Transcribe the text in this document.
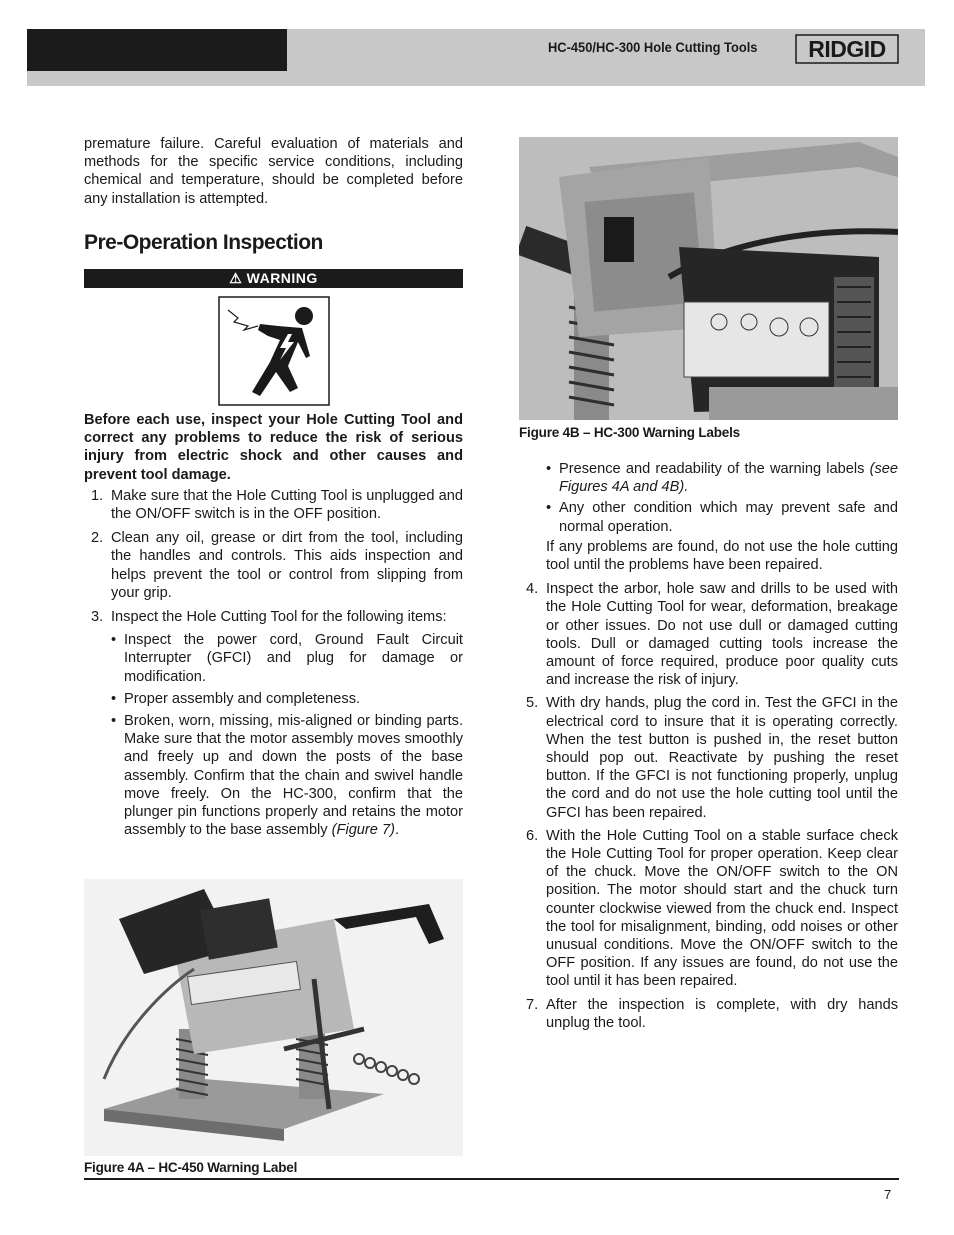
HC-450/HC-300 Hole Cutting Tools RIDGID

premature failure. Careful evaluation of materials and methods for the specific service conditions, including chemical and temperature, should be completed before any installation is attempted.

Pre-Operation Inspection
⚠ WARNING

Before each use, inspect your Hole Cutting Tool and correct any problems to reduce the risk of serious injury from electric shock and other causes and prevent tool damage.

1. Make sure that the Hole Cutting Tool is unplugged and the ON/OFF switch is in the OFF position.
2. Clean any oil, grease or dirt from the tool, including the handles and controls. This aids inspection and helps prevent the tool or control from slipping from your grip.
3. Inspect the Hole Cutting Tool for the following items:
• Inspect the power cord, Ground Fault Circuit Interrupter (GFCI) and plug for damage or modification.
• Proper assembly and completeness.
• Broken, worn, missing, mis-aligned or binding parts. Make sure that the motor assembly moves smoothly and freely up and down the posts of the base assembly. Confirm that the chain and swivel handle move freely. On the HC-300, confirm that the plunger pin functions properly and retains the motor assembly to the base assembly (Figure 7).
Figure 4A – HC-450 Warning Label
Figure 4B – HC-300 Warning Labels
• Presence and readability of the warning labels (see Figures 4A and 4B).
• Any other condition which may prevent safe and normal operation.

If any problems are found, do not use the hole cutting tool until the problems have been repaired.

4. Inspect the arbor, hole saw and drills to be used with the Hole Cutting Tool for wear, deformation, breakage or other issues. Do not use dull or damaged cutting tools. Dull or damaged cutting tools increase the amount of force required, produce poor quality cuts and increase the risk of injury.
5. With dry hands, plug the cord in. Test the GFCI in the electrical cord to insure that it is operating correctly. When the test button is pushed in, the reset button should pop out. Reactivate by pushing the reset button. If the GFCI is not functioning properly, unplug the cord and do not use the hole cutting tool until the GFCI has been repaired.
6. With the Hole Cutting Tool on a stable surface check the Hole Cutting Tool for proper operation. Keep clear of the chuck. Move the ON/OFF switch to the ON position. The motor should start and the chuck turn counter clockwise viewed from the chuck end. Inspect the tool for misalignment, binding, odd noises or other unusual conditions. Move the ON/OFF switch to the OFF position. If any issues are found, do not use the tool until it has been repaired.
7. After the inspection is complete, with dry hands unplug the tool.
7
